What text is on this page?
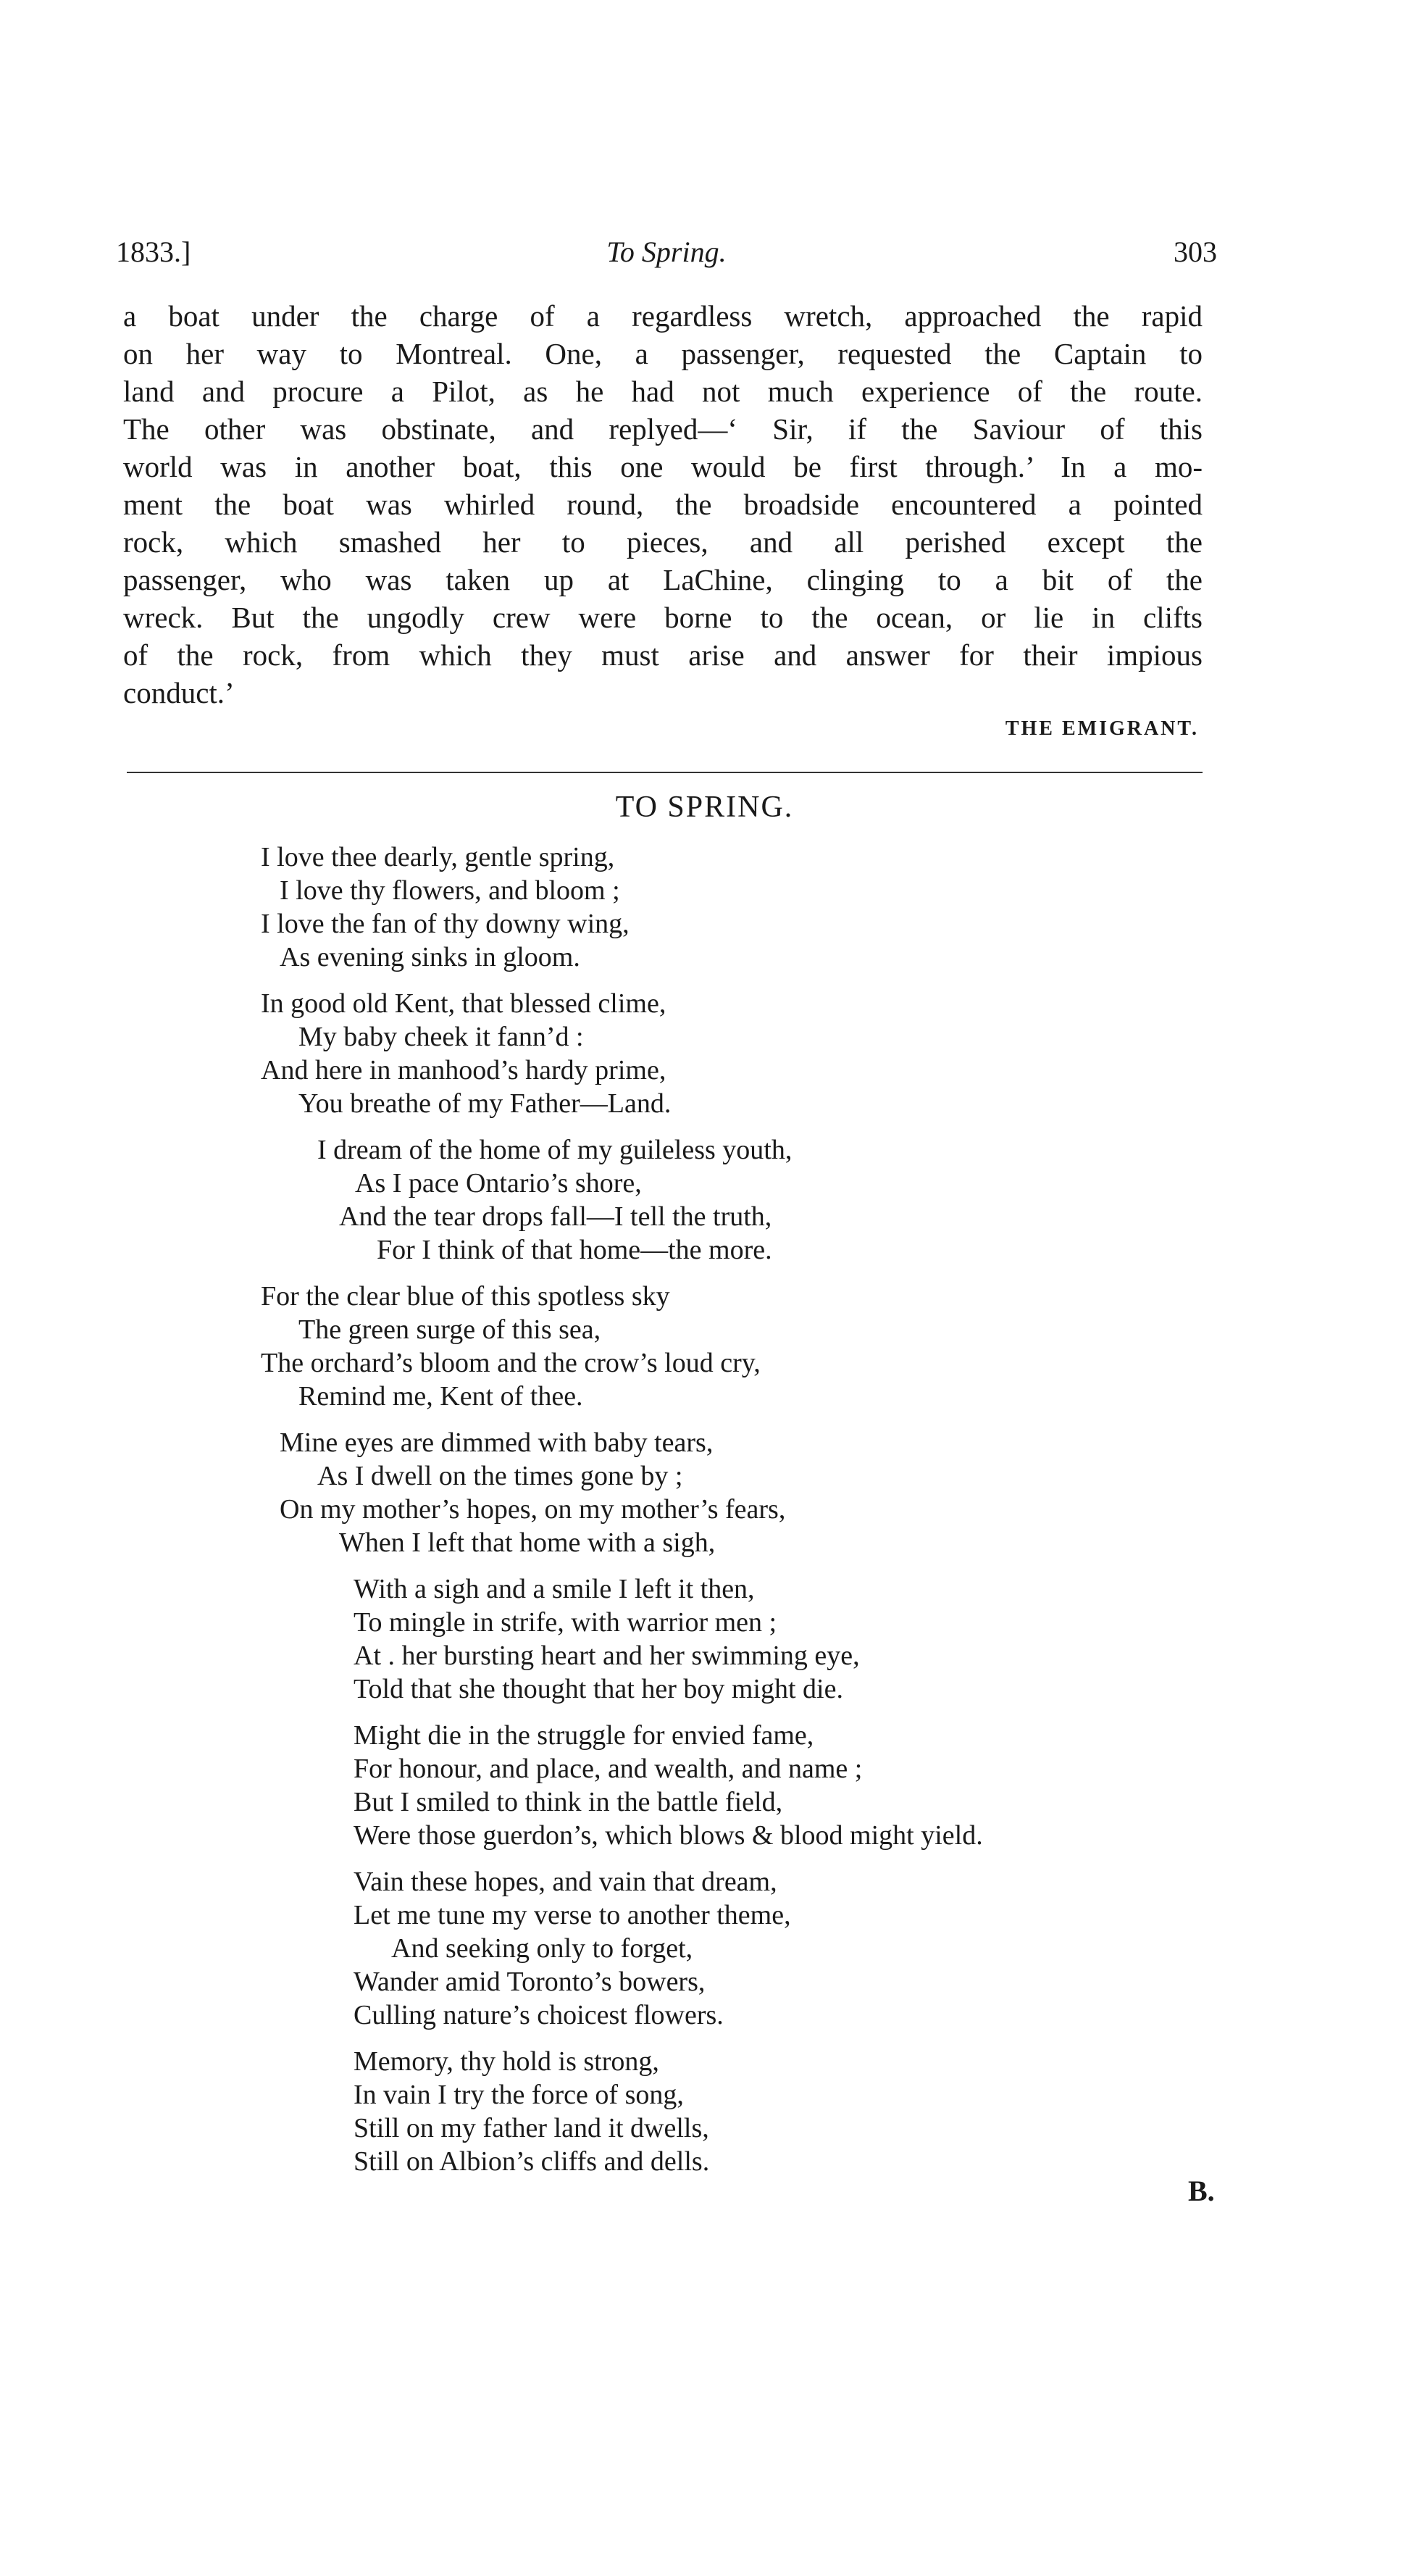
1833.]	To Spring.	303
a boat under the charge of a regardless wretch, approached the rapid
on her way to Montreal. One, a passenger, requested the Captain to
land and procure a Pilot, as he had not much experience of the route.
The other was obstinate, and replyed—‘ Sir, if the Saviour of this
world was in another boat, this one would be first through.’ In a mo-
ment the boat was whirled round, the broadside encountered a pointed
rock, which smashed her to pieces, and all perished except the
passenger, who was taken up at LaChine, clinging to a bit of the
wreck. But the ungodly crew were borne to the ocean, or lie in clifts
of the rock, from which they must arise and answer for their impious
conduct.’
THE EMIGRANT.
TO SPRING.
I love thee dearly, gentle spring,
I love thy flowers, and bloom ;
I love the fan of thy downy wing,
As evening sinks in gloom.
In good old Kent, that blessed clime,
My baby cheek it fann’d :
And here in manhood’s hardy prime,
You breathe of my Father—Land.
I dream of the home of my guileless youth,
As I pace Ontario’s shore,
And the tear drops fall—I tell the truth,
For I think of that home—the more.
For the clear blue of this spotless sky
The green surge of this sea,
The orchard’s bloom and the crow’s loud cry,
Remind me, Kent of thee.
Mine eyes are dimmed with baby tears,
As I dwell on the times gone by ;
On my mother’s hopes, on my mother’s fears,
When I left that home with a sigh,
With a sigh and a smile I left it then,
To mingle in strife, with warrior men ;
At . her bursting heart and her swimming eye,
Told that she thought that her boy might die.
Might die in the struggle for envied fame,
For honour, and place, and wealth, and name ;
But I smiled to think in the battle field,
Were those guerdon’s, which blows & blood might yield.
Vain these hopes, and vain that dream,
Let me tune my verse to another theme,
And seeking only to forget,
Wander amid Toronto’s bowers,
Culling nature’s choicest flowers.
Memory, thy hold is strong,
In vain I try the force of song,
Still on my father land it dwells,
Still on Albion’s cliffs and dells.
B.
